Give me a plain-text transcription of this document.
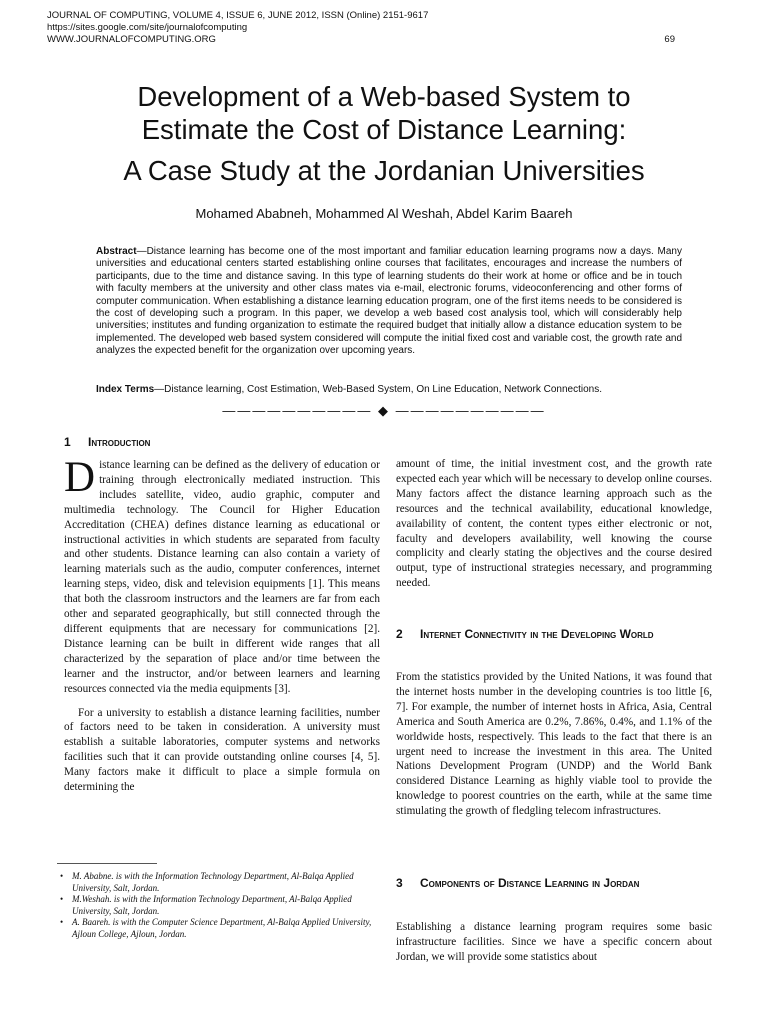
JOURNAL OF COMPUTING, VOLUME 4, ISSUE 6, JUNE 2012, ISSN (Online) 2151-9617
https://sites.google.com/site/journalofcomputing
WWW.JOURNALOFCOMPUTING.ORG	69
Development of a Web-based System to
Estimate the Cost of Distance Learning:
A Case Study at the Jordanian Universities
Mohamed Ababneh, Mohammed Al Weshah, Abdel Karim Baareh
Abstract—Distance learning has become one of the most important and familiar education learning programs now a days. Many universities and educational centers started establishing online courses that facilitates, encourages and increase the numbers of participants, due to the time and distance saving. In this type of learning students do their work at home or office and be in touch with faculty members at the university and other class mates via e-mail, electronic forums, videoconferencing and other forms of computer communication. When establishing a distance learning education program, one of the first items needs to be considered is the cost of developing such a program. In this paper, we develop a web based cost analysis tool, which will considerably help universities; institutes and funding organization to estimate the required budget that initially allow a distance education system to be implemented. The developed web based system considered will compute the initial fixed cost and variable cost, the growth rate and analyzes the expected benefit for the organization over upcoming years.
Index Terms—Distance learning, Cost Estimation, Web-Based System, On Line Education, Network Connections.
—————————— ◆ ——————————
1 Introduction

Distance learning can be defined as the delivery of education or training through electronically mediated instruction. This includes satellite, video, audio graphic, computer and multimedia technology. The Council for Higher Education Accreditation (CHEA) defines distance learning as educational or instructional activities in which students are separated from faculty and other students. Distance learning can also contain a variety of learning materials such as the audio, computer conferences, internet learning steps, video, disk and television equipments [1]. This means that both the classroom instructors and the learners are far from each other and separated geographically, but still connected through the different equipments that are necessary for communications [2]. Distance learning can be built in different wide ranges that all characterized by the separation of place and/or time between the learner and the instructor, and/or between learners and learning resources connected via the media equipments [3].

For a university to establish a distance learning facilities, number of factors need to be taken in consideration. A university must establish a suitable laboratories, computer systems and networks facilities such that it can provide outstanding online courses [4, 5]. Many factors make it difficult to place a simple formula on determining the

• M. Ababne. is with the Information Technology Department, Al-Balqa Applied University, Salt, Jordan.
• M.Weshah. is with the Information Technology Department, Al-Balqa Applied University, Salt, Jordan.
• A. Baareh. is with the Computer Science Department, Al-Balqa Applied University, Ajloun College, Ajloun, Jordan.

amount of time, the initial investment cost, and the growth rate expected each year which will be necessary to develop online courses. Many factors affect the distance learning approach such as the resources and the technical availability, educational knowledge, availability of content, the content types either electronic or not, faculty and developers availability, well knowing the course complicity and clearly stating the objectives and the course desired output, type of instructional strategies necessary, and programming needed.

2 Internet Connectivity in the Developing World

From the statistics provided by the United Nations, it was found that the internet hosts number in the developing countries is too little [6, 7]. For example, the number of internet hosts in Africa, Asia, Central America and South America are 0.2%, 7.86%, 0.4%, and 1.1% of the worldwide hosts, respectively. This leads to the fact that there is an urgent need to increase the investment in this area. The United Nations Development Program (UNDP) and the World Bank considered Distance Learning as highly viable tool to provide the knowledge to poorest countries on the earth, while at the same time stimulating the growth of fledgling telecom infrastructures.

3 Components of Distance Learning in Jordan

Establishing a distance learning program requires some basic infrastructure facilities. Since we have a specific concern about Jordan, we will provide some statistics about
